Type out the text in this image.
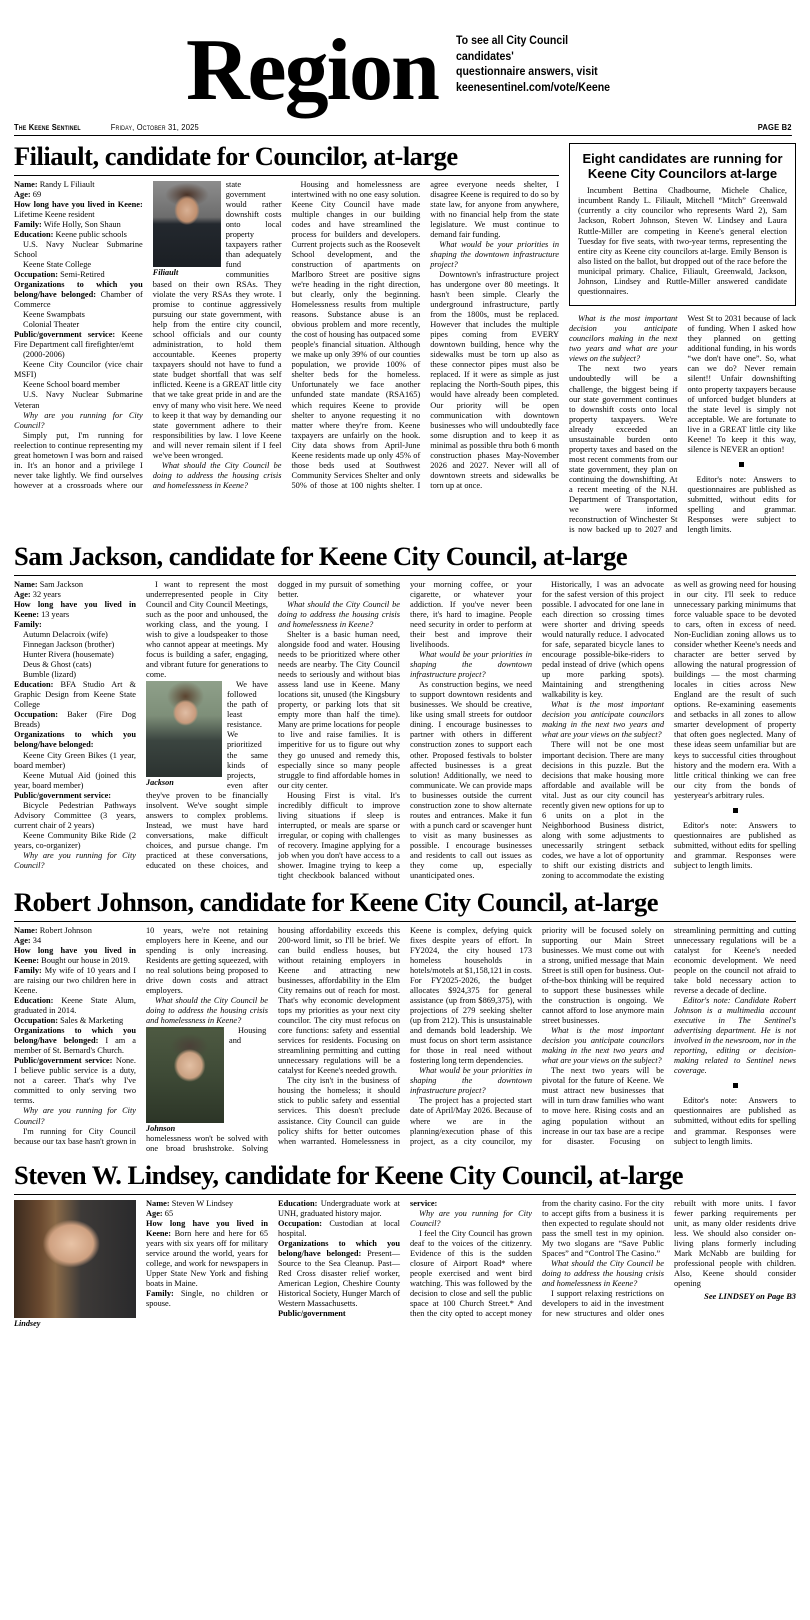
Region To see all City Council candidates'
questionnaire answers, visit
keenesentinel.com/vote/Keene
The Keene Sentinel	Friday, October 31, 2025	PAGE B2
Filiault, candidate for Councilor, at-large

Name: Randy L Filiault

Age: 69

How long have you lived in Keene: Lifetime Keene resident

Family: Wife Holly, Son Shaun

Education: Keene public schools

U.S. Navy Nuclear Submarine School

Keene State College

Occupation: Semi-Retired

Organizations to which you belong/have belonged: Chamber of Commerce

Keene Swampbats

Colonial Theater

Public/government service: Keene Fire Department call firefighter/emt

(2000-2006)

Keene City Councilor (vice chair MSFI)

Keene School board member

U.S. Navy Nuclear Submarine Veteran

Why are you running for City Council?

Filiault

Simply put, I'm running for reelection to continue representing my great hometown I was born and raised in. It's an honor and a privilege I never take lightly. We find ourselves however at a crossroads where our state government would rather downshift costs onto local property taxpayers rather than adequately fund communities based on their own RSAs. They violate the very RSAs they wrote. I promise to continue aggressively pursuing our state government, with help from the entire city council, school officials and our county administration, to hold them accountable. Keenes property taxpayers should not have to fund a state budget shortfall that was self inflicted. Keene is a GREAT little city that we take great pride in and are the envy of many who visit here. We need to keep it that way by demanding our state government adhere to their responsibilities by law. I love Keene and will never remain silent if I feel we've been wronged.

What should the City Council be doing to address the housing crisis and homelessness in Keene?

Housing and homelessness are intertwined with no one easy solution. Keene City Council have made multiple changes in our building codes and have streamlined the process for builders and developers. Current projects such as the Roosevelt School development, and the construction of apartments on Marlboro Street are positive signs we're heading in the right direction, but clearly, only the beginning. Homelessness results from multiple reasons. Substance abuse is an obvious problem and more recently, the cost of housing has outpaced some people's financial situation. Although we make up only 39% of our counties population, we provide 100% of shelter beds for the homeless. Unfortunately we face another unfunded state mandate (RSA165) which requires Keene to provide shelter to anyone requesting it no matter where they're from. Keene taxpayers are unfairly on the hook. City data shows from April-June Keene residents made up only 45% of those beds used at Southwest Community Services Shelter and only 50% of those at 100 nights shelter. I agree everyone needs shelter, I disagree Keene is required to do so by state law, for anyone from anywhere, with no financial help from the state legislature. We must continue to demand fair funding.

What would be your priorities in shaping the downtown infrastructure project?

Downtown's infrastructure project has undergone over 80 meetings. It hasn't been simple. Clearly the underground infrastructure, partly from the 1800s, must be replaced. However that includes the multiple pipes coming from EVERY downtown building, hence why the sidewalks must be torn up also as these connector pipes must also be replaced. If it were as simple as just replacing the North-South pipes, this would have already been completed. Our priority will be open communication with downtown businesses who will undoubtedly face some disruption and to keep it as minimal as possible thru both 6 month construction phases May-November 2026 and 2027. Never will all of downtown streets and sidewalks be torn up at once.

Eight candidates are running for
Keene City Councilors at-large

Incumbent Bettina Chadbourne, Michele Chalice, incumbent Randy L. Filiault, Mitchell “Mitch” Greenwald (currently a city councilor who represents Ward 2), Sam Jackson, Robert Johnson, Steven W. Lindsey and Laura Ruttle-Miller are competing in Keene's general election Tuesday for five seats, with two-year terms, representing the entire city as Keene city councilors at-large. Emily Benson is also listed on the ballot, but dropped out of the race before the municipal primary. Chalice, Filiault, Greenwald, Jackson, Johnson, Lindsey and Ruttle-Miller answered candidate questionnaires.

What is the most important decision you anticipate councilors making in the next two years and what are your views on the subject?

The next two years undoubtedly will be a challenge, the biggest being if our state government continues to downshift costs onto local property taxpayers. We're already exceeded an unsustainable burden onto property taxes and based on the most recent comments from our state government, they plan on continuing the downshifting. At a recent meeting of the N.H. Department of Transportation, we were informed reconstruction of Winchester St is now backed up to 2027 and West St to 2031 because of lack of funding. When I asked how they planned on getting additional funding, in his words “we don't have one”. So, what can we do? Never remain silent!! Unfair downshifting onto property taxpayers because of unforced budget blunders at the state level is simply not acceptable. We are fortunate to live in a GREAT little city like Keene! To keep it this way, silence is NEVER an option!

Editor's note: Answers to questionnaires are published as submitted, without edits for spelling and grammar. Responses were subject to length limits.

Sam Jackson, candidate for Keene City Council, at-large

Name: Sam Jackson

Age: 32 years

How long have you lived in Keene: 13 years

Family:

Autumn Delacroix (wife)

Finnegan Jackson (brother)

Hunter Rivera (housemate)

Deus & Ghost (cats)

Bumble (lizard)

Education: BFA Studio Art & Graphic Design from Keene State College

Occupation: Baker (Fire Dog Breads)

Organizations to which you belong/have belonged:

Keene City Green Bikes (1 year, board member)

Keene Mutual Aid (joined this year, board member)

Public/government service:

Bicycle Pedestrian Pathways Advisory Committee (3 years, current chair of 2 years)

Keene Community Bike Ride (2 years, co-organizer)

Why are you running for City Council?

I want to represent the most underrepresented people in City Council and City Council Meetings, such as the poor and unhoused, the working class, and the young. I wish to give a loudspeaker to those who cannot appear at meetings. My focus is building a safer, engaging, and vibrant future for generations to come.

Jackson

We have followed the path of least resistance. We prioritized the same kinds of projects, even after they've proven to be financially insolvent. We've sought simple answers to complex problems. Instead, we must have hard conversations, make difficult choices, and pursue change. I'm practiced at these conversations, educated on these choices, and dogged in my pursuit of something better.

What should the City Council be doing to address the housing crisis and homelessness in Keene?

Shelter is a basic human need, alongside food and water. Housing needs to be prioritized where other needs are nearby. The City Council needs to seriously and without bias assess land use in Keene. Many locations sit, unused (the Kingsbury property, or parking lots that sit empty more than half the time). Many are prime locations for people to live and raise families. It is imperitive for us to figure out why they go unused and remedy this, especially since so many people struggle to find affordable homes in our city center.

Housing First is vital. It's incredibly difficult to improve living situations if sleep is interrupted, or meals are sparse or irregular, or coping with challenges of recovery. Imagine applying for a job when you don't have access to a shower. Imagine trying to keep a tight checkbook balanced without your morning coffee, or your cigarette, or whatever your addiction. If you've never been there, it's hard to imagine. People need security in order to perform at their best and improve their livelihoods.

What would be your priorities in shaping the downtown infrastructure project?

As construction begins, we need to support downtown residents and businesses. We should be creative, like using small streets for outdoor dining. I encourage businesses to partner with others in different construction zones to support each other. Proposed festivals to bolster affected businesses is a great solution! Additionally, we need to communicate. We can provide maps to businesses outside the current construction zone to show alternate routes and entrances. Make it fun with a punch card or scavenger hunt to visit as many businesses as possible. I encourage businesses and residents to call out issues as they come up, especially unanticipated ones.

Historically, I was an advocate for the safest version of this project possible. I advocated for one lane in each direction so crossing times were shorter and driving speeds would naturally reduce. I advocated for safe, separated bicycle lanes to encourage possible-bike-riders to pedal instead of drive (which opens up more parking spots). Maintaining and strengthening walkability is key.

What is the most important decision you anticipate councilors making in the next two years and what are your views on the subject?

There will not be one most important decision. There are many decisions in this puzzle. But the decisions that make housing more affordable and available will be vital. Just as our city council has recently given new options for up to 6 units on a plot in the Neighborhood Business district, along with some adjustments to unecessarily stringent setback codes, we have a lot of opportunity to shift our existing districts and zoning to accommodate the existing as well as growing need for housing in our city. I'll seek to reduce unnecessary parking minimums that force valuable space to be devoted to cars, often in excess of need. Non-Euclidian zoning allows us to consider whether Keene's needs and character are better served by allowing the natural progression of buildings — the most charming locales in cities across New England are the result of such options. Re-examining easements and setbacks in all zones to allow smarter development of property that often goes neglected. Many of these ideas seem unfamiliar but are keys to successful cities throughout history and the modern era. With a little critical thinking we can free our city from the bonds of yesteryear's arbitrary rules.

Editor's note: Answers to questionnaires are published as submitted, without edits for spelling and grammar. Responses were subject to length limits.

Robert Johnson, candidate for Keene City Council, at-large

Name: Robert Johnson

Age: 34

How long have you lived in Keene: Bought our house in 2019.

Family: My wife of 10 years and I are raising our two children here in Keene.

Education: Keene State Alum, graduated in 2014.

Occupation: Sales & Marketing

Organizations to which you belong/have belonged: I am a member of St. Bernard's Church.

Public/government service: None. I believe public service is a duty, not a career. That's why I've committed to only serving two terms.

Why are you running for City Council?

I'm running for City Council because our tax base hasn't grown in 10 years, we're not retaining employers here in Keene, and our spending is only increasing. Residents are getting squeezed, with no real solutions being proposed to drive down costs and attract employers.

What should the City Council be doing to address the housing crisis and homelessness in Keene?

Johnson

Housing and homelessness won't be solved with one broad brushstroke. Solving housing affordability exceeds this 200-word limit, so I'll be brief. We can build endless houses, but without retaining employers in Keene and attracting new businesses, affordability in the Elm City remains out of reach for most. That's why economic development tops my priorities as your next city councilor. The city must refocus on core functions: safety and essential services for residents. Focusing on streamlining permitting and cutting unnecessary regulations will be a catalyst for Keene's needed growth.

The city isn't in the business of housing the homeless; it should stick to public safety and essential services. This doesn't preclude assistance. City Council can guide policy shifts for better outcomes when warranted. Homelessness in Keene is complex, defying quick fixes despite years of effort. In FY2024, the city housed 173 homeless households in hotels/motels at $1,158,121 in costs. For FY2025-2026, the budget allocates $924,375 for general assistance (up from $869,375), with projections of 279 seeking shelter (up from 212). This is unsustainable and demands bold leadership. We must focus on short term assistance for those in real need without fostering long term dependencies.

What would be your priorities in shaping the downtown infrastructure project?

The project has a projected start date of April/May 2026. Because of where we are in the planning/execution phase of this project, as a city councilor, my priority will be focused solely on supporting our Main Street businesses. We must come out with a strong, unified message that Main Street is still open for business. Out-of-the-box thinking will be required to support these businesses while the construction is ongoing. We cannot afford to lose anymore main street businesses.

What is the most important decision you anticipate councilors making in the next two years and what are your views on the subject?

The next two years will be pivotal for the future of Keene. We must attract new businesses that will in turn draw families who want to move here. Rising costs and an aging population without an increase in our tax base are a recipe for disaster. Focusing on streamlining permitting and cutting unnecessary regulations will be a catalyst for Keene's needed economic development. We need people on the council not afraid to take bold necessary action to reverse a decade of decline.

Editor's note: Candidate Robert Johnson is a multimedia account executive in The Sentinel's advertising department. He is not involved in the newsroom, nor in the reporting, editing or decision-making related to Sentinel news coverage.

Editor's note: Answers to questionnaires are published as submitted, without edits for spelling and grammar. Responses were subject to length limits.

Steven W. Lindsey, candidate for Keene City Council, at-large
Lindsey

Name: Steven W Lindsey

Age: 65

How long have you lived in Keene: Born here and here for 65 years with six years off for military service around the world, years for college, and work for newspapers in Upper State New York and fishing boats in Maine.

Family: Single, no children or spouse.

Education: Undergraduate work at UNH, graduated history major.

Occupation: Custodian at local hospital.

Organizations to which you belong/have belonged: Present—Source to the Sea Cleanup. Past—Red Cross disaster relief worker, American Legion, Cheshire County Historical Society, Hunger March of Western Massachusetts.

Public/government

service:

Why are you running for City Council?

I feel the City Council has grown deaf to the voices of the citizenry. Evidence of this is the sudden closure of Airport Road* where people exercised and went bird watching. This was followed by the decision to close and sell the public space at 100 Church Street.* And then the city opted to accept money from the charity casino. For the city to accept gifts from a business it is then expected to regulate should not pass the smell test in my opinion. My two slogans are “Save Public Spaces” and “Control The Casino.”

What should the City Council be doing to address the housing crisis and homelessness in Keene?

I support relaxing restrictions on developers to aid in the investment for new structures and older ones rebuilt with more units. I favor fewer parking requirements per unit, as many older residents drive less. We should also consider on-living plans formerly including Mark McNabb are building for professional people with children. Also, Keene should consider opening

See LINDSEY on Page B3
